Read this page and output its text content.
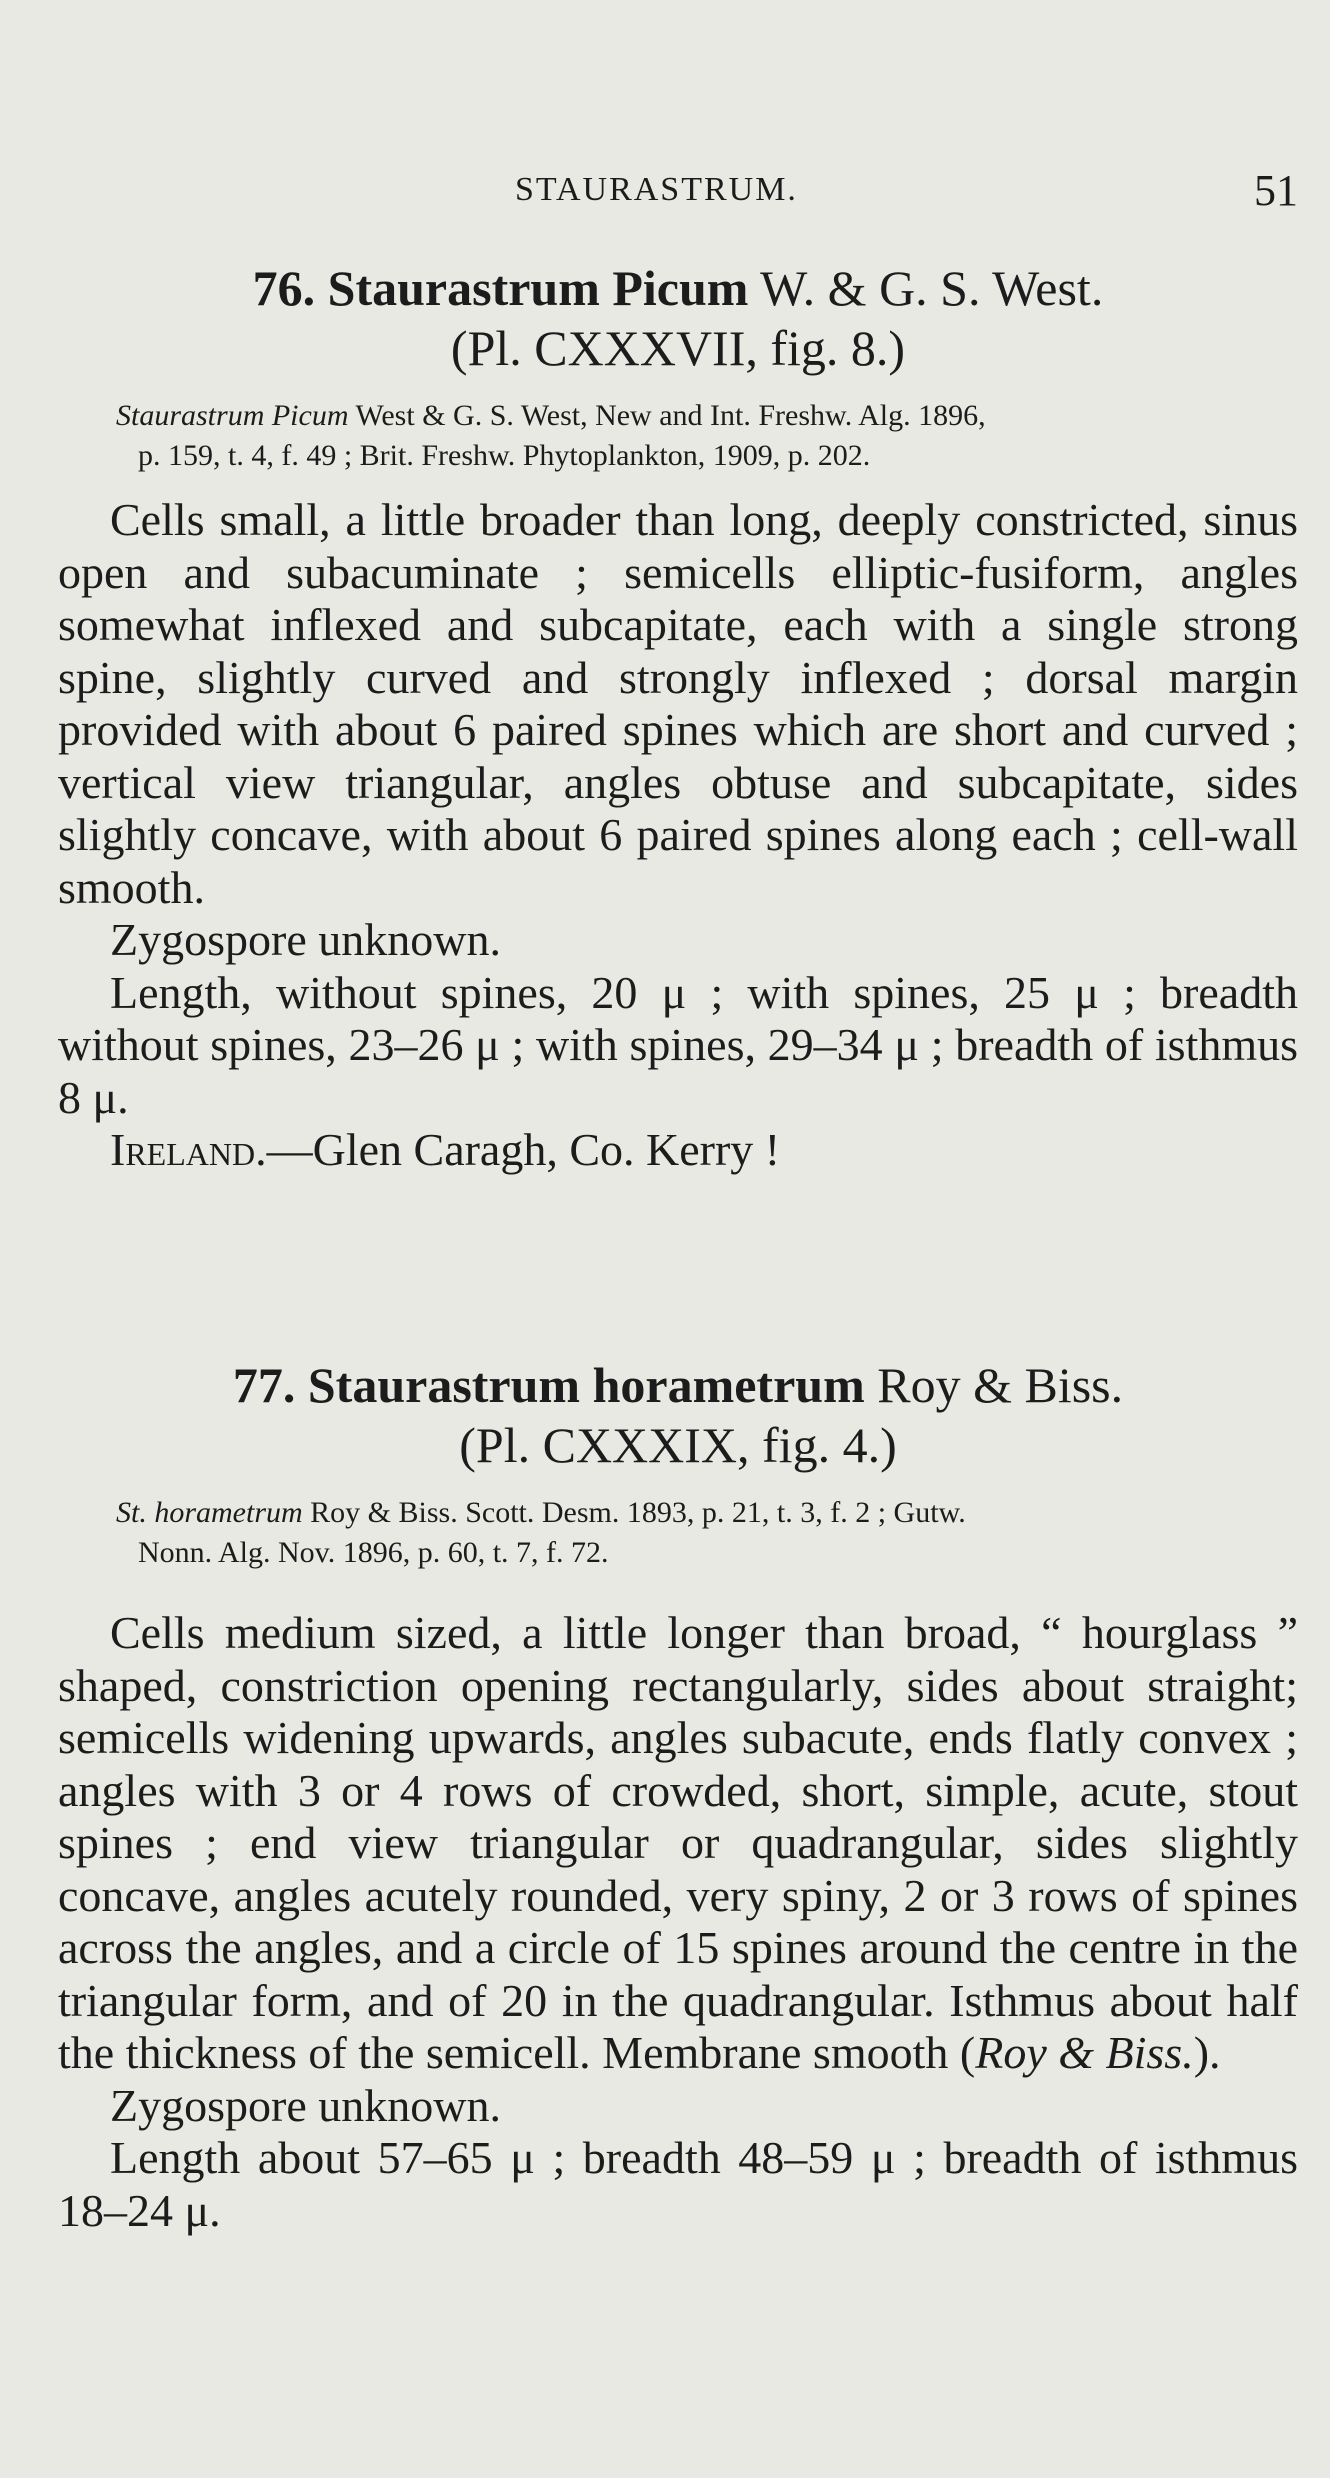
STAURASTRUM.	51

76. Staurastrum Picum W. & G. S. West.

(Pl. CXXXVII, fig. 8.)

Staurastrum Picum West & G. S. West, New and Int. Freshw. Alg. 1896,
p. 159, t. 4, f. 49 ; Brit. Freshw. Phytoplankton, 1909, p. 202.

Cells small, a little broader than long, deeply constricted, sinus open and subacuminate ; semicells elliptic-fusiform, angles somewhat inflexed and subcapitate, each with a single strong spine, slightly curved and strongly inflexed ; dorsal margin provided with about 6 paired spines which are short and curved ; vertical view triangular, angles obtuse and subcapitate, sides slightly concave, with about 6 paired spines along each ; cell-wall smooth.

Zygospore unknown.

Length, without spines, 20 μ ; with spines, 25 μ ; breadth without spines, 23–26 μ ; with spines, 29–34 μ ; breadth of isthmus 8 μ.

Ireland.—Glen Caragh, Co. Kerry !

77. Staurastrum horametrum Roy & Biss.

(Pl. CXXXIX, fig. 4.)

St. horametrum Roy & Biss. Scott. Desm. 1893, p. 21, t. 3, f. 2 ; Gutw.
Nonn. Alg. Nov. 1896, p. 60, t. 7, f. 72.

Cells medium sized, a little longer than broad, “ hourglass ” shaped, constriction opening rectangularly, sides about straight; semicells widening upwards, angles subacute, ends flatly convex ; angles with 3 or 4 rows of crowded, short, simple, acute, stout spines ; end view triangular or quadrangular, sides slightly concave, angles acutely rounded, very spiny, 2 or 3 rows of spines across the angles, and a circle of 15 spines around the centre in the triangular form, and of 20 in the quadrangular. Isthmus about half the thickness of the semicell. Membrane smooth (Roy & Biss.).

Zygospore unknown.

Length about 57–65 μ ; breadth 48–59 μ ; breadth of isthmus 18–24 μ.
